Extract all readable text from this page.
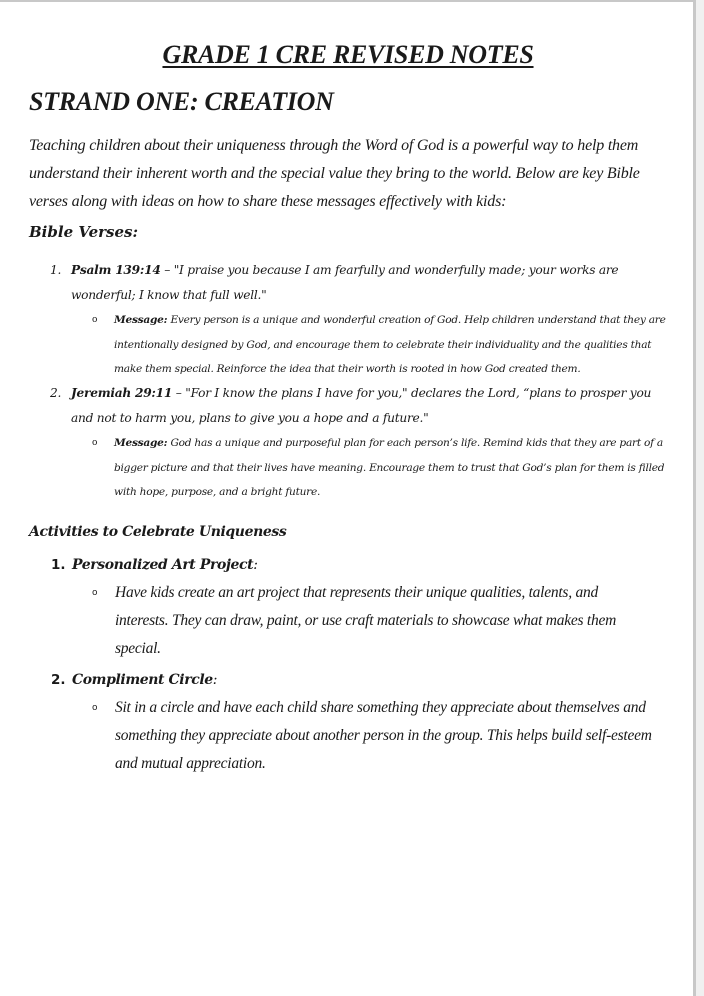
GRADE 1 CRE REVISED NOTES
STRAND ONE: CREATION
Teaching children about their uniqueness through the Word of God is a powerful way to help them understand their inherent worth and the special value they bring to the world. Below are key Bible verses along with ideas on how to share these messages effectively with kids:
Bible Verses:
1. Psalm 139:14 – "I praise you because I am fearfully and wonderfully made; your works are wonderful; I know that full well."
o	Message: Every person is a unique and wonderful creation of God. Help children understand that they are intentionally designed by God, and encourage them to celebrate their individuality and the qualities that make them special. Reinforce the idea that their worth is rooted in how God created them.
2. Jeremiah 29:11 – "For I know the plans I have for you," declares the Lord, “plans to prosper you and not to harm you, plans to give you a hope and a future."
o	Message: God has a unique and purposeful plan for each person’s life. Remind kids that they are part of a bigger picture and that their lives have meaning. Encourage them to trust that God’s plan for them is filled with hope, purpose, and a bright future.
Activities to Celebrate Uniqueness
1. Personalized Art Project:
o	Have kids create an art project that represents their unique qualities, talents, and interests. They can draw, paint, or use craft materials to showcase what makes them special.
2. Compliment Circle:
o	Sit in a circle and have each child share something they appreciate about themselves and something they appreciate about another person in the group. This helps build self-esteem and mutual appreciation.
